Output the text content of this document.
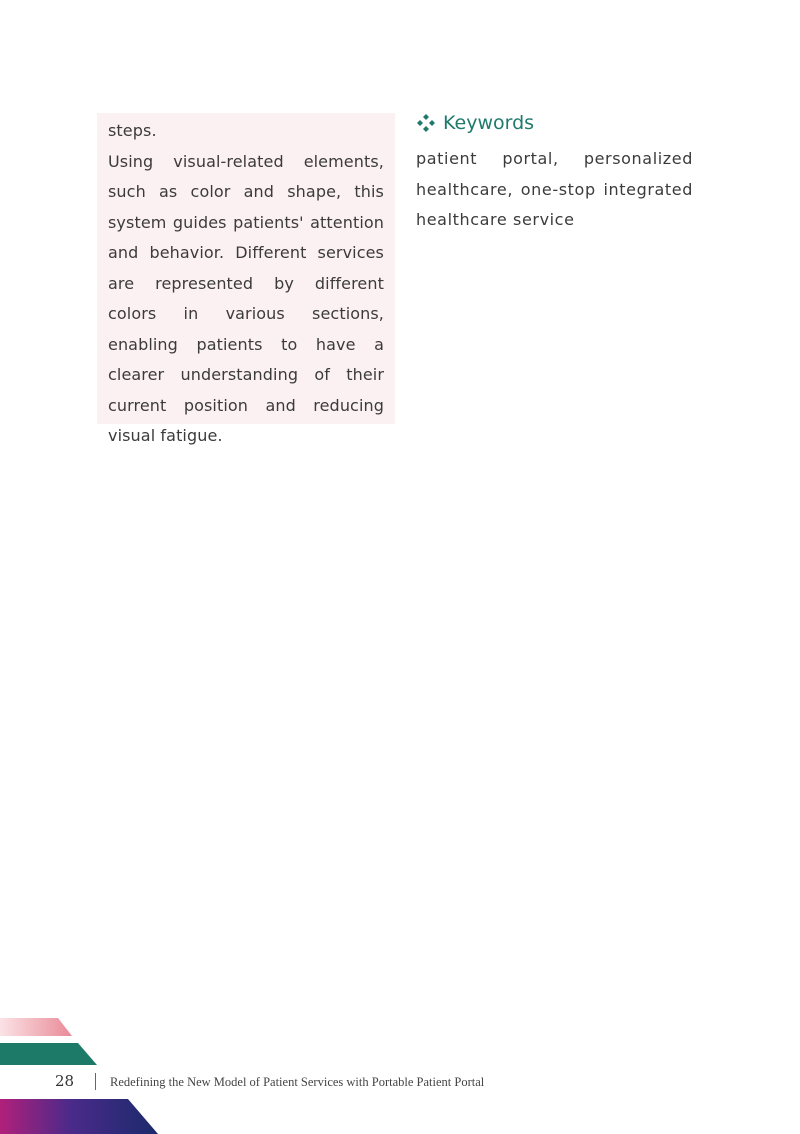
steps.

Using visual-related elements, such as color and shape, this system guides patients' attention and behavior. Different services are represented by different colors in various sections, enabling patients to have a clearer understanding of their current position and reducing visual fatigue.

Keywords
patient portal, personalized healthcare, one-stop integrated healthcare service
28	Redefining the New Model of Patient Services with Portable Patient Portal
